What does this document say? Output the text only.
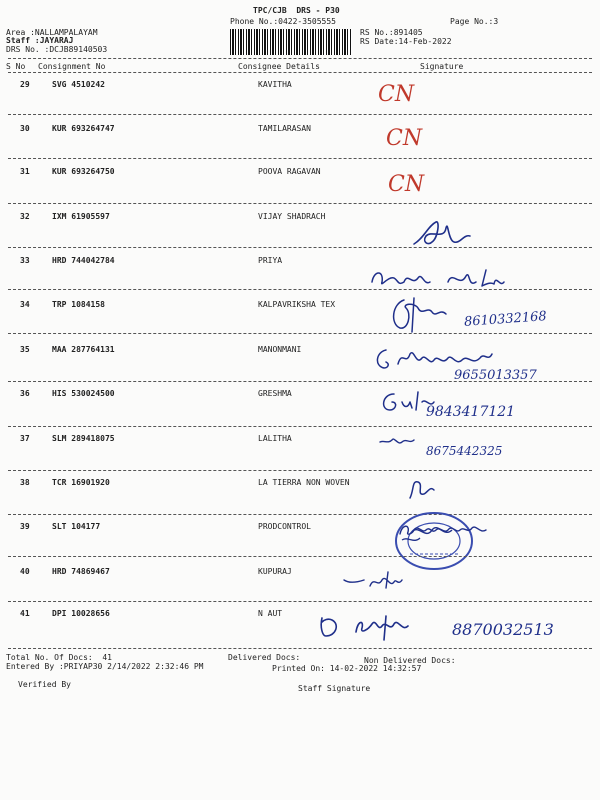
TPC/CJB  DRS - P30
Phone No.:0422-3505555	Page No.:3
Area :NALLAMPALAYAM
Staff :JAYARAJ
DRS No. :DCJB89140503
RS No.:891405
RS Date:14-Feb-2022
S No Consignment No	Consignee Details	Signature
29	SVG 4510242	KAVITHA	CN
30	KUR 693264747	TAMILARASAN	CN
31	KUR 693264750	POOVA RAGAVAN
CN
32	IXM 61905597	VIJAY SHADRACH
33	HRD 744042784	PRIYA
34	TRP 1084158	KALPAVRIKSHA TEX
8610332168
35	MAA 287764131	MANONMANI
9655013357
36	HIS 530024500	GRESHMA
9843417121
37	SLM 289418075	LALITHA
8675442325
38	TCR 16901920	LA TIERRA NON WOVEN
39	SLT 104177	PRODCONTROL
40	HRD 74869467	KUPURAJ
41	DPI 10028656	N AUT
8870032513
Total No. Of Docs:  41	Delivered Docs:	Non Delivered Docs:
Entered By :PRIYAP30 2/14/2022 2:32:46 PM	Printed On: 14-02-2022 14:32:57
Verified By	Staff Signature
